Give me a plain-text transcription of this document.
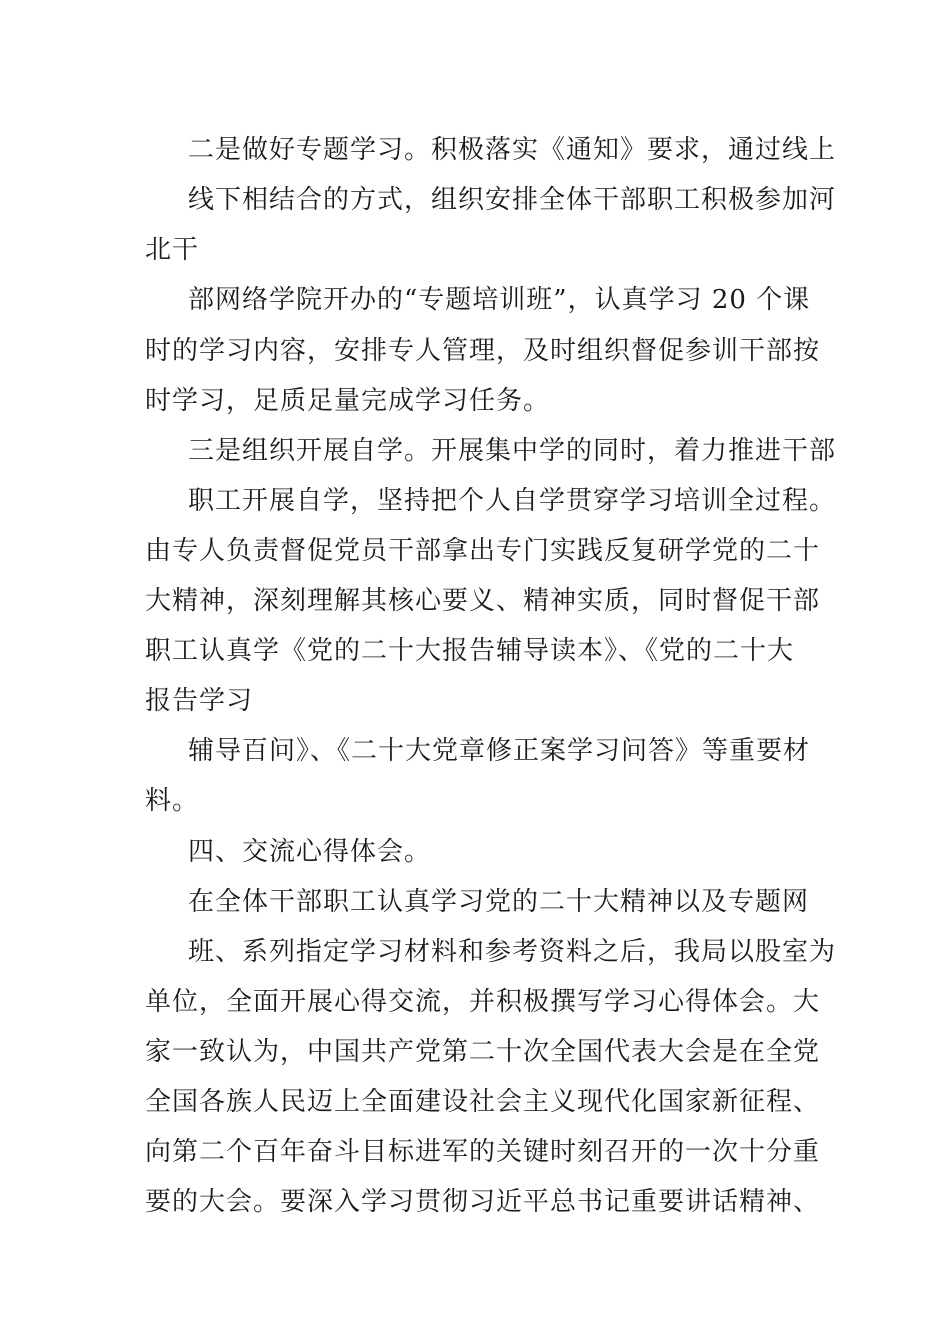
二是做好专题学习。积极落实《通知》要求，通过线上
线下相结合的方式，组织安排全体干部职工积极参加河
北干
部网络学院开办的“专题培训班”，认真学习 20 个课
时的学习内容，安排专人管理，及时组织督促参训干部按
时学习，足质足量完成学习任务。
三是组织开展自学。开展集中学的同时，着力推进干部
职工开展自学，坚持把个人自学贯穿学习培训全过程。
由专人负责督促党员干部拿出专门实践反复研学党的二十
大精神，深刻理解其核心要义、精神实质，同时督促干部
职工认真学《党的二十大报告辅导读本》、《党的二十大
报告学习
辅导百问》、《二十大党章修正案学习问答》等重要材
料。
四、交流心得体会。
在全体干部职工认真学习党的二十大精神以及专题网
班、系列指定学习材料和参考资料之后，我局以股室为
单位，全面开展心得交流，并积极撰写学习心得体会。大
家一致认为，中国共产党第二十次全国代表大会是在全党
全国各族人民迈上全面建设社会主义现代化国家新征程、
向第二个百年奋斗目标进军的关键时刻召开的一次十分重
要的大会。要深入学习贯彻习近平总书记重要讲话精神、
